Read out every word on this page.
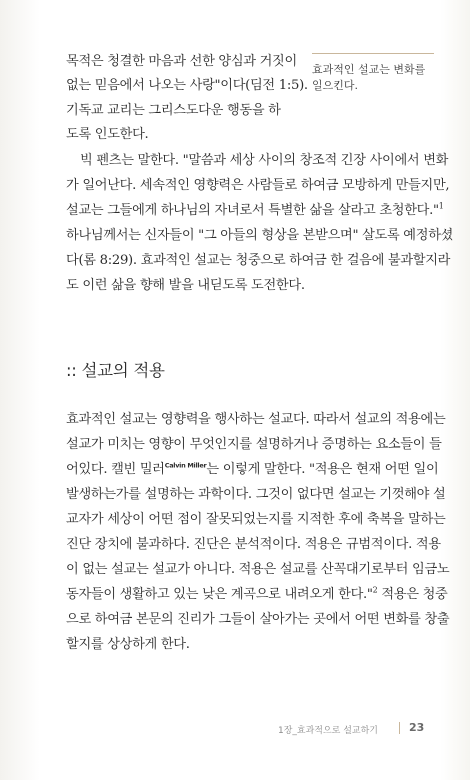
효과적인 설교는 변화를 일으킨다.
목적은 청결한 마음과 선한 양심과 거짓이
없는 믿음에서 나오는 사랑"이다(딤전 1:5).
기독교 교리는 그리스도다운 행동을 하
도록 인도한다.
빅 펜츠는 말한다. "말씀과 세상 사이의 창조적 긴장 사이에서 변화
가 일어난다. 세속적인 영향력은 사람들로 하여금 모방하게 만들지만,
설교는 그들에게 하나님의 자녀로서 특별한 삶을 살라고 초청한다."$^1$
하나님께서는 신자들이 "그 아들의 형상을 본받으며" 살도록 예정하셨
다(롬 8:29). 효과적인 설교는 청중으로 하여금 한 걸음에 불과할지라
도 이런 삶을 향해 발을 내딛도록 도전한다.
:: 설교의 적용
효과적인 설교는 영향력을 행사하는 설교다. 따라서 설교의 적용에는
설교가 미치는 영향이 무엇인지를 설명하거나 증명하는 요소들이 들
어있다. 캘빈 밀러$^{Calvin Miller}$는 이렇게 말한다. "적용은 현재 어떤 일이
발생하는가를 설명하는 과학이다. 그것이 없다면 설교는 기껏해야 설
교자가 세상이 어떤 점이 잘못되었는지를 지적한 후에 축복을 말하는
진단 장치에 불과하다. 진단은 분석적이다. 적용은 규범적이다. 적용
이 없는 설교는 설교가 아니다. 적용은 설교를 산꼭대기로부터 임금노
동자들이 생활하고 있는 낮은 계곡으로 내려오게 한다."$^2$ 적용은 청중
으로 하여금 본문의 진리가 그들이 살아가는 곳에서 어떤 변화를 창출
할지를 상상하게 한다.
1장_효과적으로 설교하기	23
